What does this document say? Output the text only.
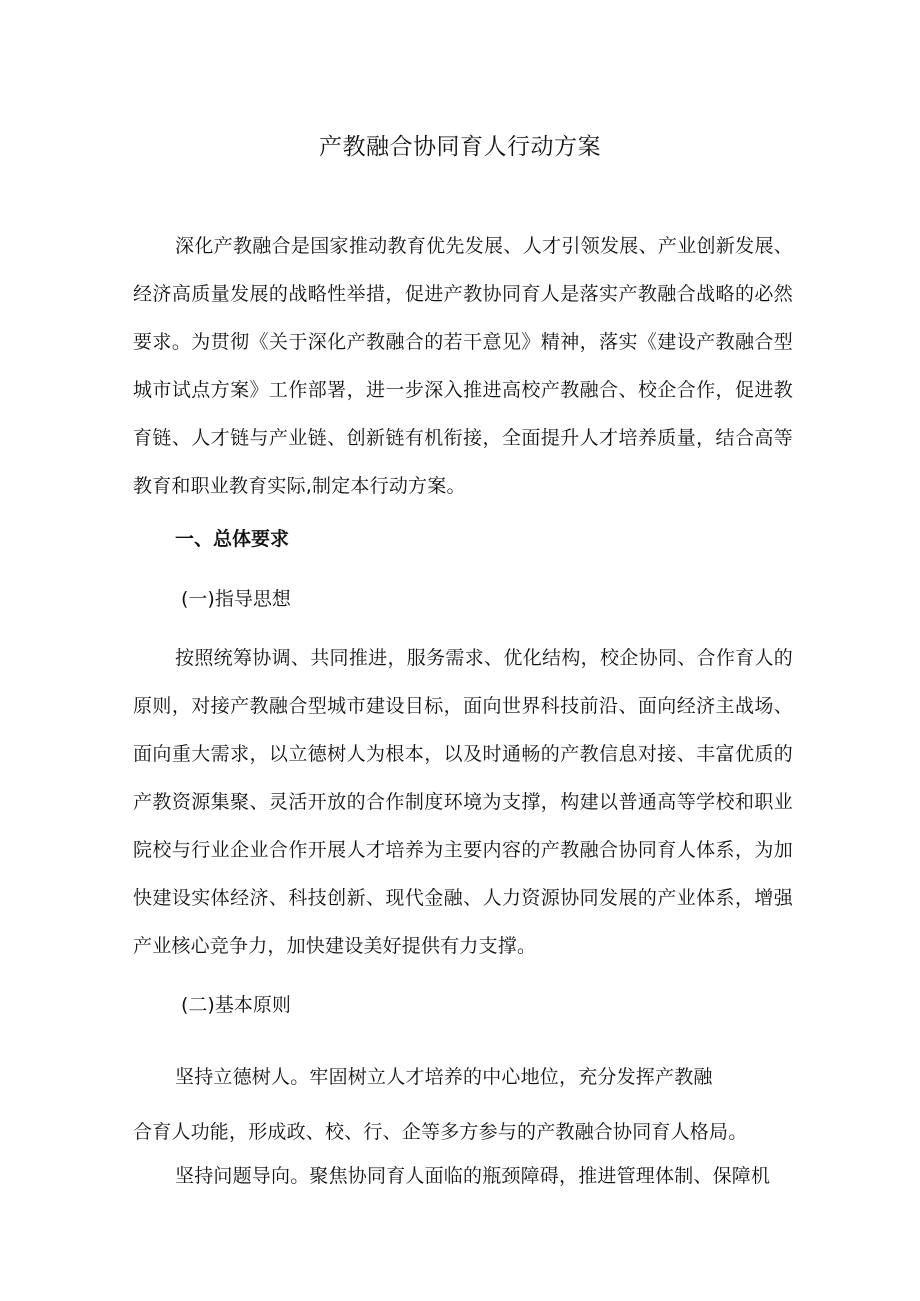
产教融合协同育人行动方案

深化产教融合是国家推动教育优先发展、人才引领发展、产业创新发展、经济高质量发展的战略性举措，促进产教协同育人是落实产教融合战略的必然要求。为贯彻《关于深化产教融合的若干意见》精神，落实《建设产教融合型城市试点方案》工作部署，进一步深入推进高校产教融合、校企合作，促进教育链、人才链与产业链、创新链有机衔接，全面提升人才培养质量，结合高等教育和职业教育实际,制定本行动方案。

一、总体要求
(一)指导思想

按照统筹协调、共同推进，服务需求、优化结构，校企协同、合作育人的原则，对接产教融合型城市建设目标，面向世界科技前沿、面向经济主战场、面向重大需求，以立德树人为根本，以及时通畅的产教信息对接、丰富优质的产教资源集聚、灵活开放的合作制度环境为支撑，构建以普通高等学校和职业院校与行业企业合作开展人才培养为主要内容的产教融合协同育人体系，为加快建设实体经济、科技创新、现代金融、人力资源协同发展的产业体系，增强产业核心竞争力，加快建设美好提供有力支撑。

(二)基本原则

坚持立德树人。牢固树立人才培养的中心地位，充分发挥产教融
合育人功能，形成政、校、行、企等多方参与的产教融合协同育人格局。

坚持问题导向。聚焦协同育人面临的瓶颈障碍，推进管理体制、保障机
